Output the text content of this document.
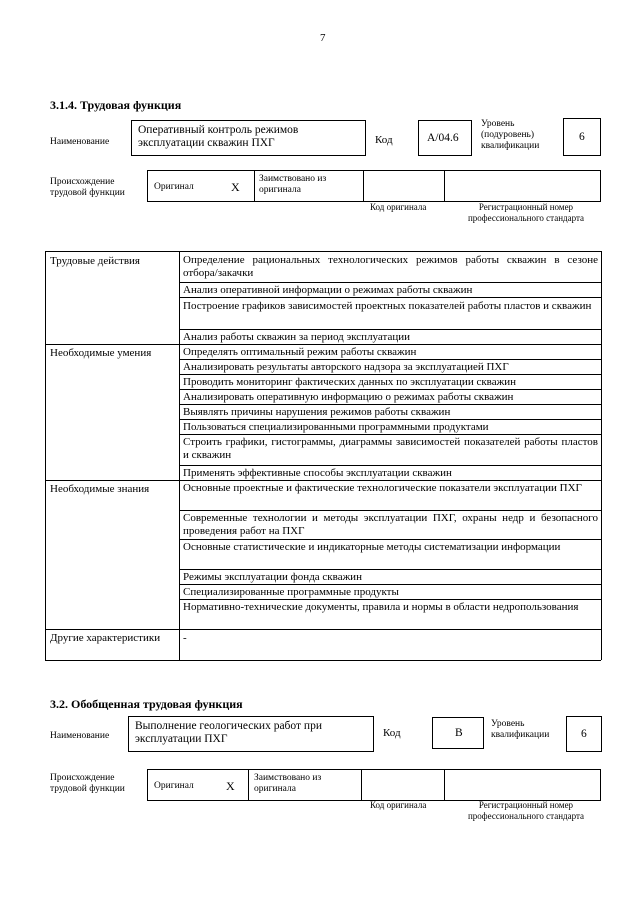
7
3.1.4. Трудовая функция
Наименование
Оперативный контроль режимов эксплуатации скважин ПХГ	Код	А/04.6
Уровень (подуровень) квалификации
6
Происхождение трудовой функции
Оригинал	Х
Заимствовано из оригинала
Код оригинала	Регистрационный номер профессионального стандарта
Трудовые действия	Определение рациональных технологических режимов работы скважин в сезоне отбора/закачки
Анализ оперативной информации о режимах работы скважин
Построение графиков зависимостей проектных показателей работы пластов и скважин
Анализ работы скважин за период эксплуатации
Необходимые умения	Определять оптимальный режим работы скважин
Анализировать результаты авторского надзора за эксплуатацией ПХГ
Проводить мониторинг фактических данных по эксплуатации скважин
Анализировать оперативную информацию о режимах работы скважин
Выявлять причины нарушения режимов работы скважин
Пользоваться специализированными программными продуктами
Строить графики, гистограммы, диаграммы зависимостей показателей работы пластов и скважин
Применять эффективные способы эксплуатации скважин
Необходимые знания	Основные проектные и фактические технологические показатели эксплуатации ПХГ
Современные технологии и методы эксплуатации ПХГ, охраны недр и безопасного проведения работ на ПХГ
Основные статистические и индикаторные методы систематизации информации
Режимы эксплуатации фонда скважин
Специализированные программные продукты
Нормативно-технические документы, правила и нормы в области недропользования
Другие характеристики	-
3.2. Обобщенная трудовая функция
Наименование
Выполнение геологических работ при эксплуатации ПХГ	Код	В
Уровень квалификации	6
Происхождение трудовой функции	Оригинал	Х
Заимствовано из оригинала
Код оригинала	Регистрационный номер профессионального стандарта
